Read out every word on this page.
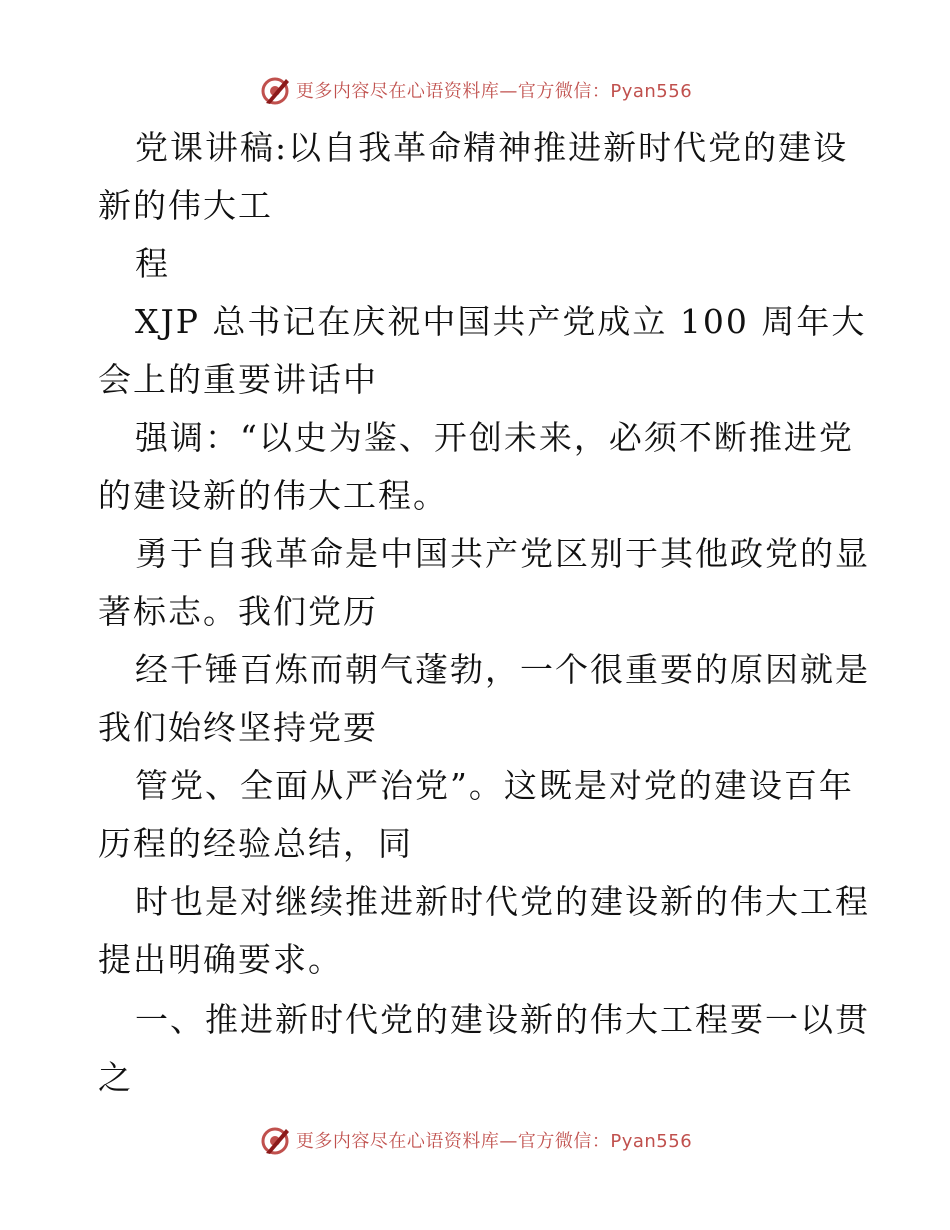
更多内容尽在心语资料库—官方微信：Pyan556
党课讲稿:以自我革命精神推进新时代党的建设
新的伟大工
程
XJP 总书记在庆祝中国共产党成立 100 周年大
会上的重要讲话中
强调：“以史为鉴、开创未来，必须不断推进党
的建设新的伟大工程。
勇于自我革命是中国共产党区别于其他政党的显
著标志。我们党历
经千锤百炼而朝气蓬勃，一个很重要的原因就是
我们始终坚持党要
管党、全面从严治党”。这既是对党的建设百年
历程的经验总结，同
时也是对继续推进新时代党的建设新的伟大工程
提出明确要求。
一、推进新时代党的建设新的伟大工程要一以贯
之
更多内容尽在心语资料库—官方微信：Pyan556
